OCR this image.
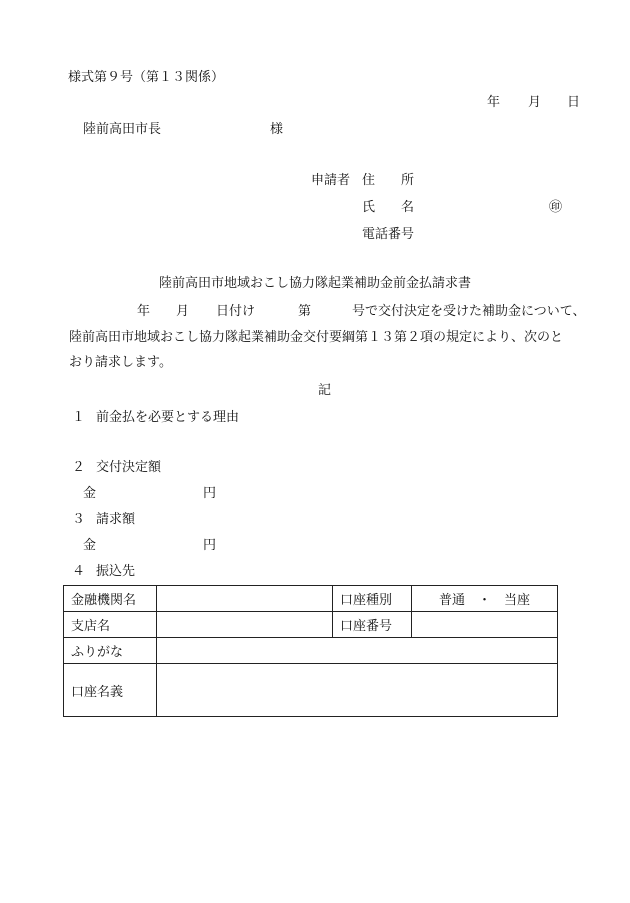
様式第９号（第１３関係）
年 月 日
陸前高田市長	様
申請者 住　　所
氏　　名	㊞
電話番号
陸前高田市地域おこし協力隊起業補助金前金払請求書
年 月 日付け	第	号で交付決定を受けた補助金について、
陸前高田市地域おこし協力隊起業補助金交付要綱第１３第２項の規定により、次のと
おり請求します。
記
１ 前金払を必要とする理由
２ 交付決定額
金	円
３ 請求額
金	円
４ 振込先
金融機関名		口座種別	普通　・　当座
支店名		口座番号	
ふりがな			
口座名義			
